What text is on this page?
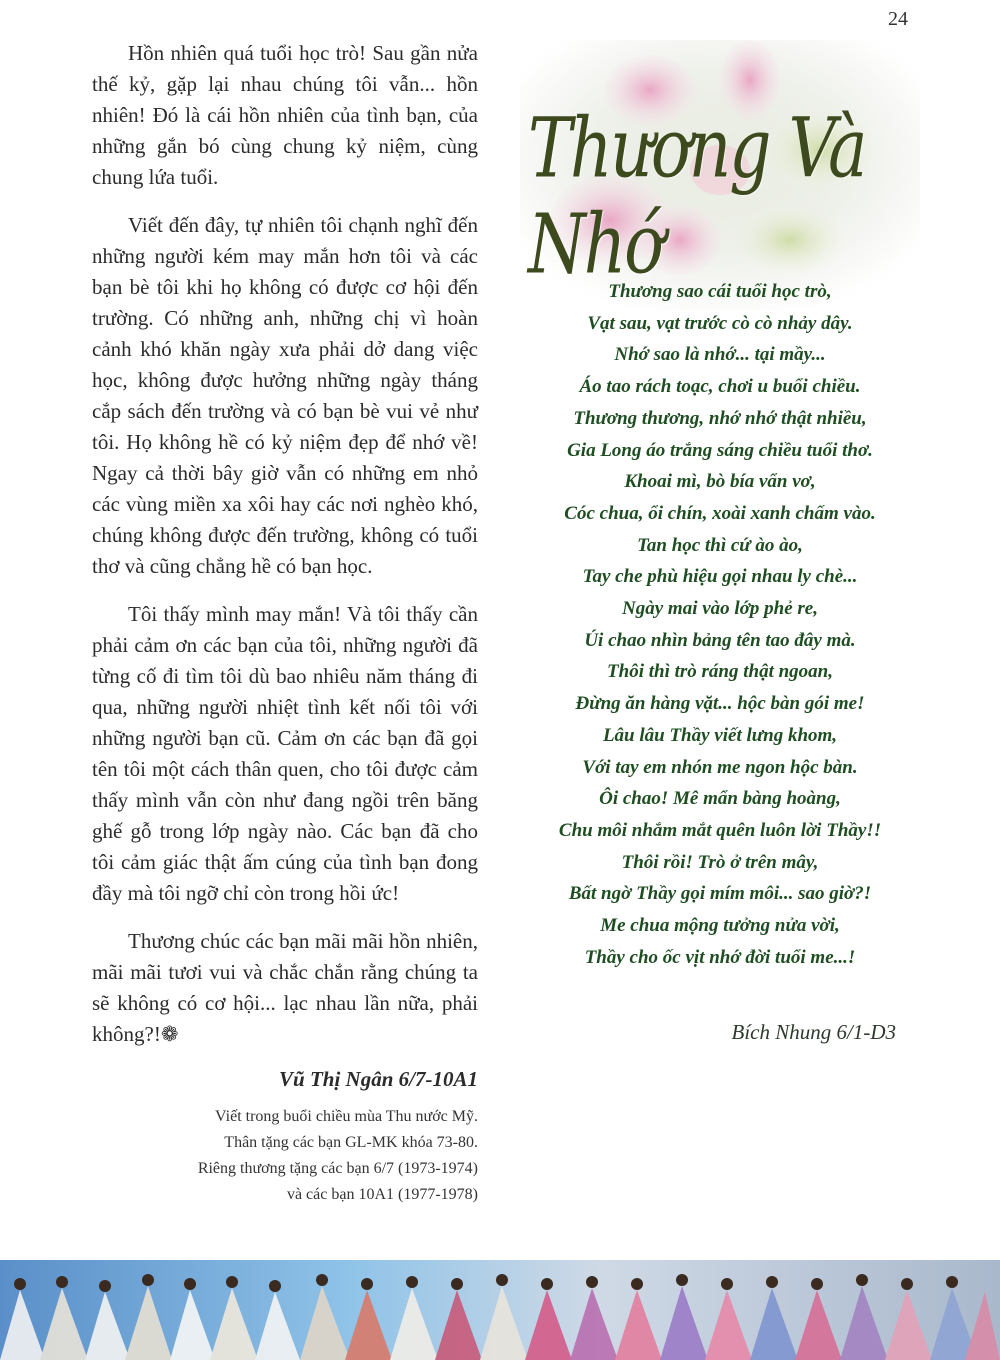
24

Hồn nhiên quá tuổi học trò! Sau gần nửa thế kỷ, gặp lại nhau chúng tôi vẫn... hồn nhiên! Đó là cái hồn nhiên của tình bạn, của những gắn bó cùng chung kỷ niệm, cùng chung lứa tuổi.

Viết đến đây, tự nhiên tôi chạnh nghĩ đến những người kém may mắn hơn tôi và các bạn bè tôi khi họ không có được cơ hội đến trường. Có những anh, những chị vì hoàn cảnh khó khăn ngày xưa phải dở dang việc học, không được hưởng những ngày tháng cắp sách đến trường và có bạn bè vui vẻ như tôi. Họ không hề có kỷ niệm đẹp để nhớ về! Ngay cả thời bây giờ vẫn có những em nhỏ các vùng miền xa xôi hay các nơi nghèo khó, chúng không được đến trường, không có tuổi thơ và cũng chẳng hề có bạn học.

Tôi thấy mình may mắn! Và tôi thấy cần phải cảm ơn các bạn của tôi, những người đã từng cố đi tìm tôi dù bao nhiêu năm tháng đi qua, những người nhiệt tình kết nối tôi với những người bạn cũ. Cảm ơn các bạn đã gọi tên tôi một cách thân quen, cho tôi được cảm thấy mình vẫn còn như đang ngồi trên băng ghế gỗ trong lớp ngày nào. Các bạn đã cho tôi cảm giác thật ấm cúng của tình bạn đong đầy mà tôi ngỡ chỉ còn trong hồi ức!

Thương chúc các bạn mãi mãi hồn nhiên, mãi mãi tươi vui và chắc chắn rằng chúng ta sẽ không có cơ hội... lạc nhau lần nữa, phải không?!❁

Vũ Thị Ngân 6/7-10A1
Viết trong buổi chiều mùa Thu nước Mỹ.
Thân tặng các bạn GL-MK khóa 73-80.
Riêng thương tặng các bạn 6/7 (1973-1974)
và các bạn 10A1 (1977-1978)
Thương Và Nhớ
Thương sao cái tuổi học trò,
Vạt sau, vạt trước cò cò nhảy dây.
Nhớ sao là nhớ... tại mầy...
Áo tao rách toạc, chơi u buổi chiều.
Thương thương, nhớ nhớ thật nhiều,
Gia Long áo trắng sáng chiều tuổi thơ.
Khoai mì, bò bía vẩn vơ,
Cóc chua, ổi chín, xoài xanh chấm vào.
Tan học thì cứ ào ào,
Tay che phù hiệu gọi nhau ly chè...
Ngày mai vào lớp phẻ re,
Úi chao nhìn bảng tên tao đây mà.
Thôi thì trò ráng thật ngoan,
Đừng ăn hàng vặt... hộc bàn gói me!
Lâu lâu Thầy viết lưng khom,
Với tay em nhón me ngon hộc bàn.
Ôi chao! Mê mẩn bàng hoàng,
Chu môi nhắm mắt quên luôn lời Thầy!!
Thôi rồi! Trò ở trên mây,
Bất ngờ Thầy gọi mím môi... sao giờ?!
Me chua mộng tưởng nửa vời,
Thầy cho ốc vịt nhớ đời tuổi me...!
Bích Nhung 6/1-D3
